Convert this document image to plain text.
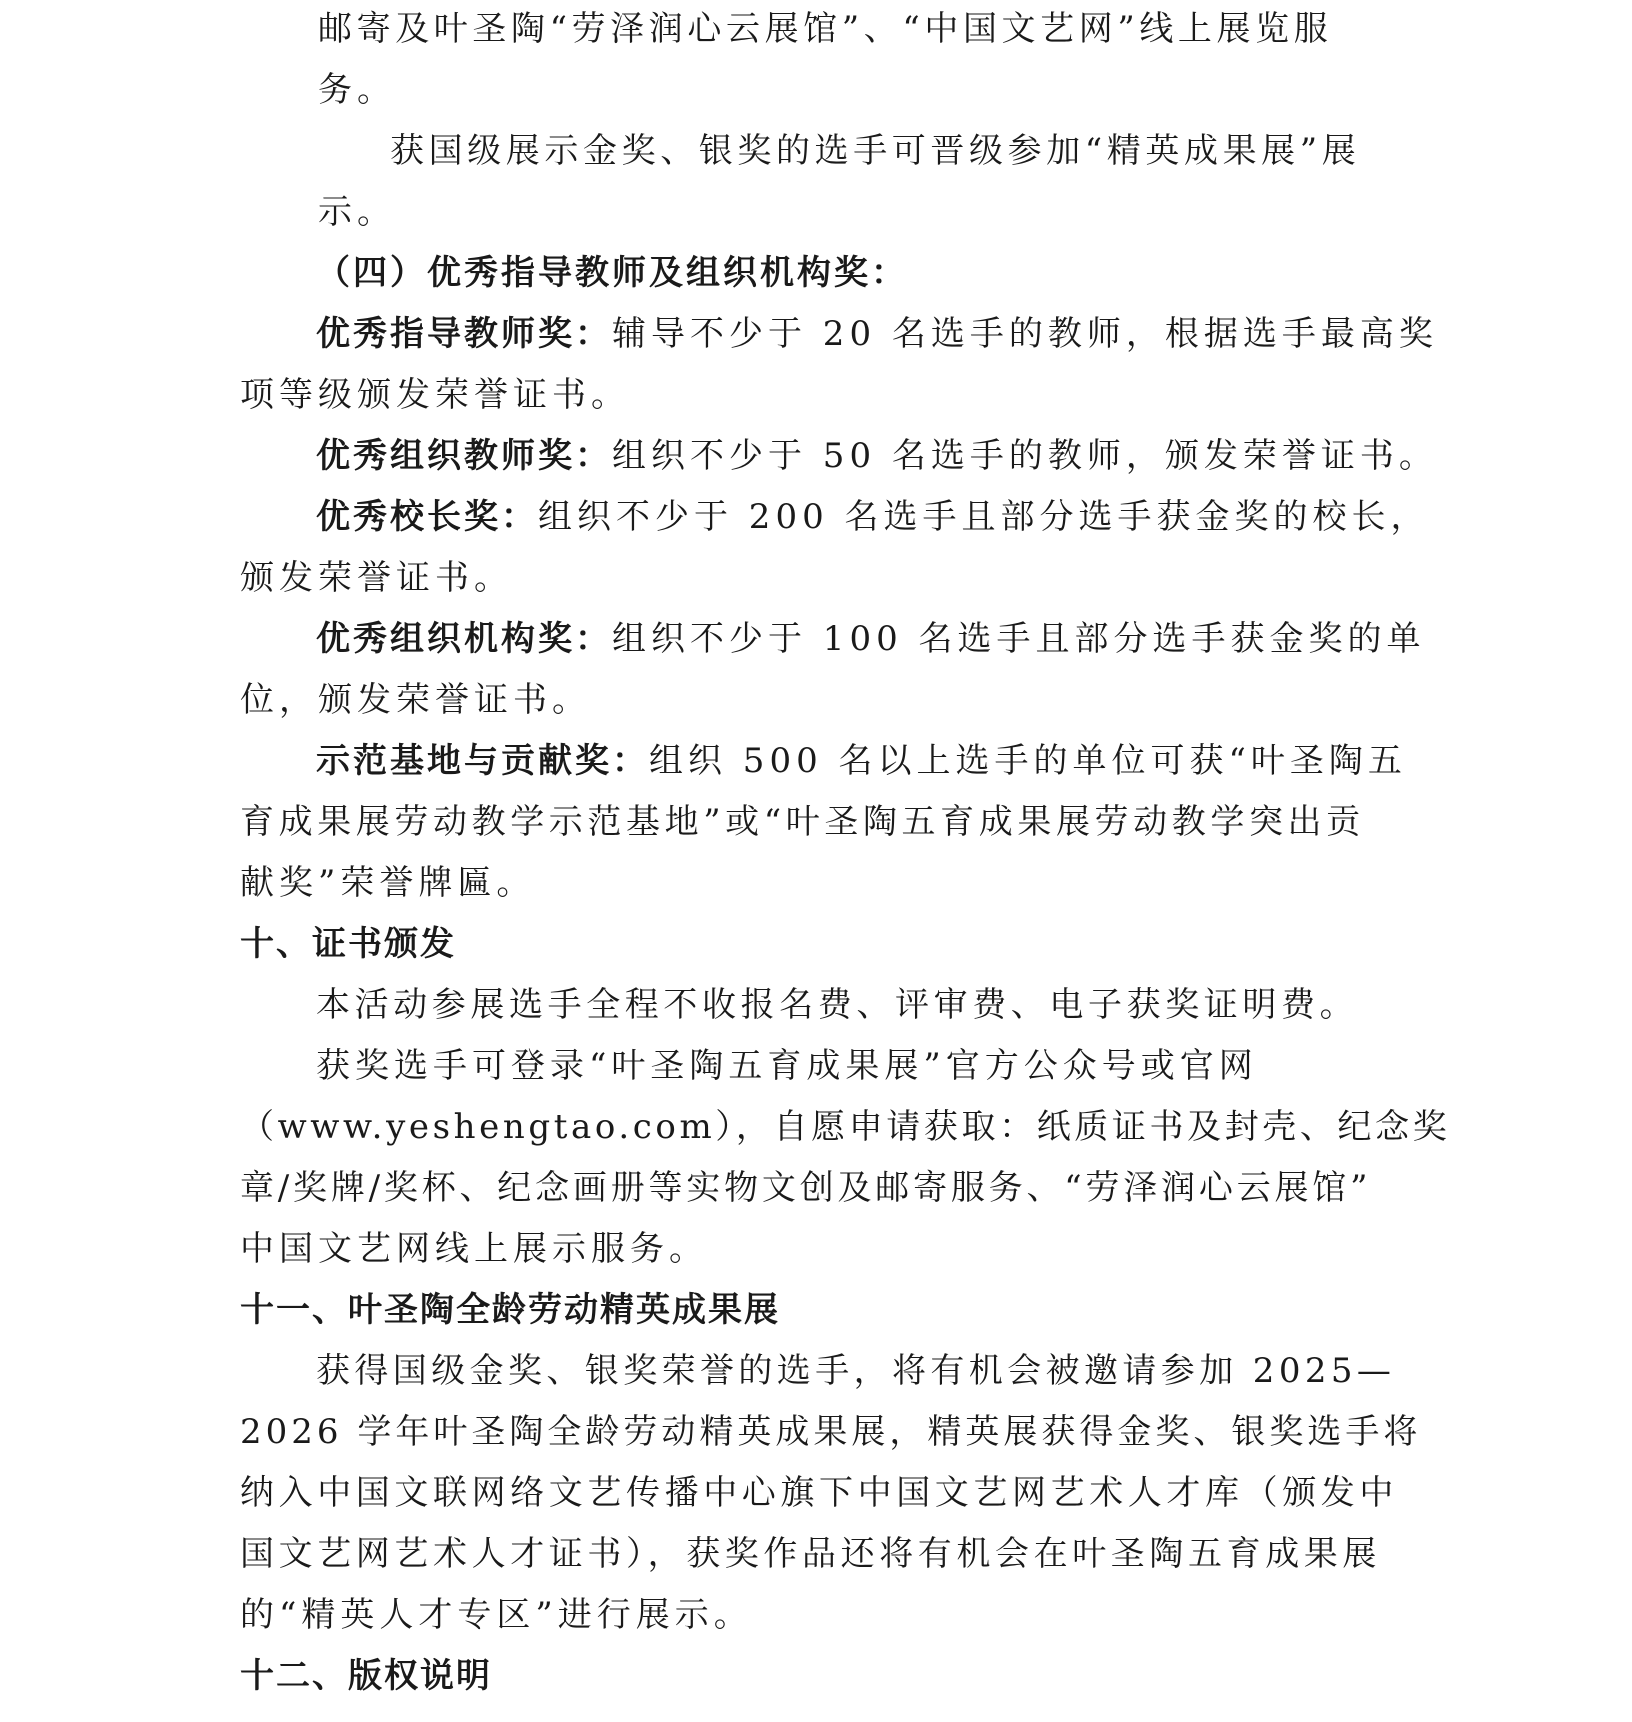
邮寄及叶圣陶“劳泽润心云展馆”、“中国文艺网”线上展览服
务。
获国级展示金奖、银奖的选手可晋级参加“精英成果展”展
示。
（四）优秀指导教师及组织机构奖：
优秀指导教师奖：辅导不少于 20 名选手的教师，根据选手最高奖
项等级颁发荣誉证书。
优秀组织教师奖：组织不少于 50 名选手的教师，颁发荣誉证书。
优秀校长奖：组织不少于 200 名选手且部分选手获金奖的校长，
颁发荣誉证书。
优秀组织机构奖：组织不少于 100 名选手且部分选手获金奖的单
位，颁发荣誉证书。
示范基地与贡献奖：组织 500 名以上选手的单位可获“叶圣陶五
育成果展劳动教学示范基地”或“叶圣陶五育成果展劳动教学突出贡
献奖”荣誉牌匾。
十、证书颁发
本活动参展选手全程不收报名费、评审费、电子获奖证明费。
获奖选手可登录“叶圣陶五育成果展”官方公众号或官网
（www.yeshengtao.com），自愿申请获取：纸质证书及封壳、纪念奖
章/奖牌/奖杯、纪念画册等实物文创及邮寄服务、“劳泽润心云展馆”
中国文艺网线上展示服务。
十一、叶圣陶全龄劳动精英成果展
获得国级金奖、银奖荣誉的选手，将有机会被邀请参加 2025—
2026 学年叶圣陶全龄劳动精英成果展，精英展获得金奖、银奖选手将
纳入中国文联网络文艺传播中心旗下中国文艺网艺术人才库（颁发中
国文艺网艺术人才证书），获奖作品还将有机会在叶圣陶五育成果展
的“精英人才专区”进行展示。
十二、版权说明
